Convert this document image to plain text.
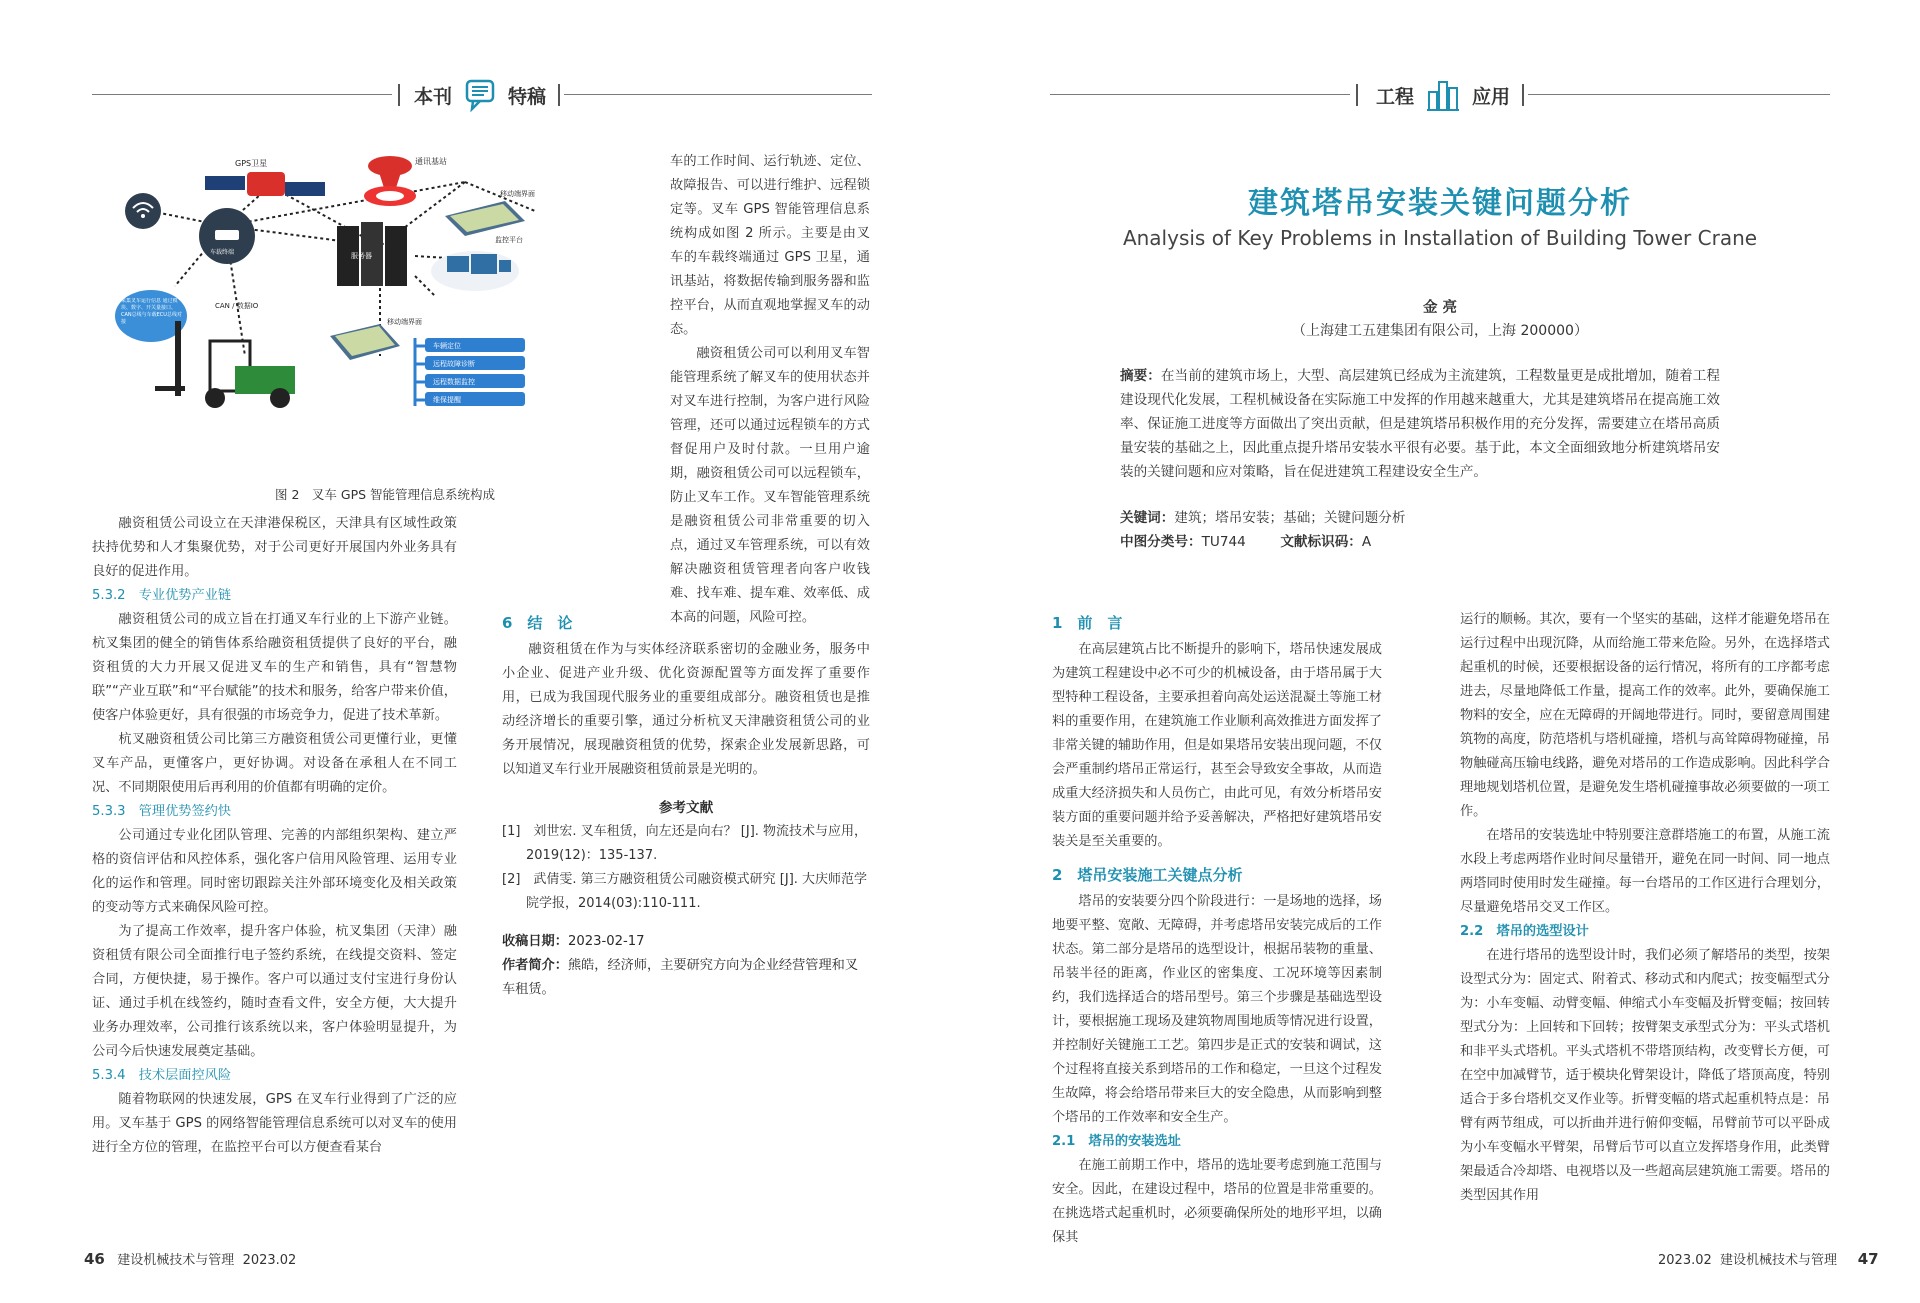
本刊	特稿
GPS卫星
车载终端
通讯基站
移动端界面
服务器
监控平台
采集叉车运行信息 通过模块、数字、开关量接口、CAN总线与车载ECU总线对接
CAN / 数据IO
移动端界面
车辆定位
远程故障诊断
远程数据监控
维保提醒
图 2　叉车 GPS 智能管理信息系统构成

融资租赁公司设立在天津港保税区，天津具有区域性政策扶持优势和人才集聚优势，对于公司更好开展国内外业务具有良好的促进作用。

5.3.2　专业优势产业链

融资租赁公司的成立旨在打通叉车行业的上下游产业链。杭叉集团的健全的销售体系给融资租赁提供了良好的平台，融资租赁的大力开展又促进叉车的生产和销售，具有“智慧物联”“产业互联”和“平台赋能”的技术和服务，给客户带来价值，使客户体验更好，具有很强的市场竞争力，促进了技术革新。

杭叉融资租赁公司比第三方融资租赁公司更懂行业，更懂叉车产品，更懂客户，更好协调。对设备在承租人在不同工况、不同期限使用后再利用的价值都有明确的定价。

5.3.3　管理优势签约快

公司通过专业化团队管理、完善的内部组织架构、建立严格的资信评估和风控体系，强化客户信用风险管理、运用专业化的运作和管理。同时密切跟踪关注外部环境变化及相关政策的变动等方式来确保风险可控。

为了提高工作效率，提升客户体验，杭叉集团（天津）融资租赁有限公司全面推行电子签约系统，在线提交资料、签定合同，方便快捷，易于操作。客户可以通过支付宝进行身份认证、通过手机在线签约，随时查看文件，安全方便，大大提升业务办理效率，公司推行该系统以来，客户体验明显提升，为公司今后快速发展奠定基础。

5.3.4　技术层面控风险

随着物联网的快速发展，GPS 在叉车行业得到了广泛的应用。叉车基于 GPS 的网络智能管理信息系统可以对叉车的使用进行全方位的管理，在监控平台可以方便查看某台

车的工作时间、运行轨迹、定位、故障报告、可以进行维护、远程锁定等。叉车 GPS 智能管理信息系统构成如图 2 所示。主要是由叉车的车载终端通过 GPS 卫星，通讯基站，将数据传输到服务器和监控平台，从而直观地掌握叉车的动态。

融资租赁公司可以利用叉车智能管理系统了解叉车的使用状态并对叉车进行控制，为客户进行风险管理，还可以通过远程锁车的方式督促用户及时付款。一旦用户逾期，融资租赁公司可以远程锁车，防止叉车工作。叉车智能管理系统是融资租赁公司非常重要的切入点，通过叉车管理系统，可以有效解决融资租赁管理者向客户收钱难、找车难、提车难、效率低、成本高的问题，风险可控。

6　结　论

融资租赁在作为与实体经济联系密切的金融业务，服务中小企业、促进产业升级、优化资源配置等方面发挥了重要作用，已成为我国现代服务业的重要组成部分。融资租赁也是推动经济增长的重要引擎，通过分析杭叉天津融资租赁公司的业务开展情况，展现融资租赁的优势，探索企业发展新思路，可以知道叉车行业开展融资租赁前景是光明的。

参考文献

[1]　刘世宏. 叉车租赁，向左还是向右？ [J]. 物流技术与应用，2019(12)：135-137.

[2]　武倩雯. 第三方融资租赁公司融资模式研究 [J]. 大庆师范学院学报，2014(03):110-111.

收稿日期：2023-02-17

作者简介：熊皓，经济师，主要研究方向为企业经营管理和叉车租赁。

46 建设机械技术与管理 2023.02
工程	应用
建筑塔吊安装关键问题分析
Analysis of Key Problems in Installation of Building Tower Crane
金 亮
（上海建工五建集团有限公司，上海 200000）
摘要：在当前的建筑市场上，大型、高层建筑已经成为主流建筑，工程数量更是成批增加，随着工程建设现代化发展，工程机械设备在实际施工中发挥的作用越来越重大，尤其是建筑塔吊在提高施工效率、保证施工进度等方面做出了突出贡献，但是建筑塔吊积极作用的充分发挥，需要建立在塔吊高质量安装的基础之上，因此重点提升塔吊安装水平很有必要。基于此，本文全面细致地分析建筑塔吊安装的关键问题和应对策略，旨在促进建筑工程建设安全生产。
关键词：建筑；塔吊安装；基础；关键问题分析
中图分类号：TU744	文献标识码：A

1　前　言

在高层建筑占比不断提升的影响下，塔吊快速发展成为建筑工程建设中必不可少的机械设备，由于塔吊属于大型特种工程设备，主要承担着向高处运送混凝土等施工材料的重要作用，在建筑施工作业顺利高效推进方面发挥了非常关键的辅助作用，但是如果塔吊安装出现问题，不仅会严重制约塔吊正常运行，甚至会导致安全事故，从而造成重大经济损失和人员伤亡，由此可见，有效分析塔吊安装方面的重要问题并给予妥善解决，严格把好建筑塔吊安装关是至关重要的。

2　塔吊安装施工关键点分析

塔吊的安装要分四个阶段进行：一是场地的选择，场地要平整、宽敞、无障碍，并考虑塔吊安装完成后的工作状态。第二部分是塔吊的选型设计，根据吊装物的重量、吊装半径的距离，作业区的密集度、工况环境等因素制约，我们选择适合的塔吊型号。第三个步骤是基础选型设计，要根据施工现场及建筑物周围地质等情况进行设置，并控制好关键施工工艺。第四步是正式的安装和调试，这个过程将直接关系到塔吊的工作和稳定，一旦这个过程发生故障，将会给塔吊带来巨大的安全隐患，从而影响到整个塔吊的工作效率和安全生产。

2.1　塔吊的安装选址

在施工前期工作中，塔吊的选址要考虑到施工范围与安全。因此，在建设过程中，塔吊的位置是非常重要的。在挑选塔式起重机时，必须要确保所处的地形平坦，以确保其

运行的顺畅。其次，要有一个坚实的基础，这样才能避免塔吊在运行过程中出现沉降，从而给施工带来危险。另外，在选择塔式起重机的时候，还要根据设备的运行情况，将所有的工序都考虑进去，尽量地降低工作量，提高工作的效率。此外，要确保施工物料的安全，应在无障碍的开阔地带进行。同时，要留意周围建筑物的高度，防范塔机与塔机碰撞，塔机与高耸障碍物碰撞，吊物触碰高压输电线路，避免对塔吊的工作造成影响。因此科学合理地规划塔机位置，是避免发生塔机碰撞事故必须要做的一项工作。

在塔吊的安装选址中特别要注意群塔施工的布置，从施工流水段上考虑两塔作业时间尽量错开，避免在同一时间、同一地点两塔同时使用时发生碰撞。每一台塔吊的工作区进行合理划分，尽量避免塔吊交叉工作区。

2.2　塔吊的选型设计

在进行塔吊的选型设计时，我们必须了解塔吊的类型，按架设型式分为：固定式、附着式、移动式和内爬式；按变幅型式分为：小车变幅、动臂变幅、伸缩式小车变幅及折臂变幅；按回转型式分为：上回转和下回转；按臂架支承型式分为：平头式塔机和非平头式塔机。平头式塔机不带塔顶结构，改变臂长方便，可在空中加减臂节，适于模块化臂架设计，降低了塔顶高度，特别适合于多台塔机交叉作业等。折臂变幅的塔式起重机特点是：吊臂有两节组成，可以折曲并进行俯仰变幅，吊臂前节可以平卧成为小车变幅水平臂架，吊臂后节可以直立发挥塔身作用，此类臂架最适合冷却塔、电视塔以及一些超高层建筑施工需要。塔吊的类型因其作用

2023.02 建设机械技术与管理 47
